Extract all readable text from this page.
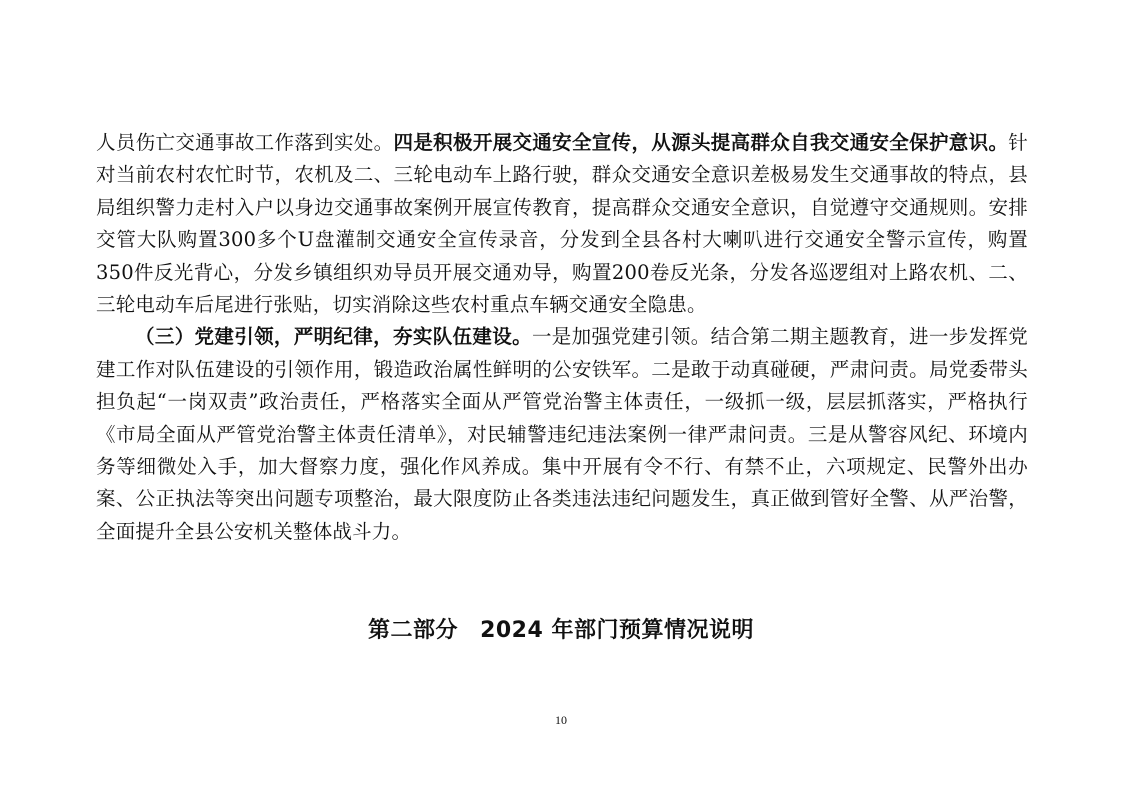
人员伤亡交通事故工作落到实处。四是积极开展交通安全宣传，从源头提高群众自我交通安全保护意识。针对当前农村农忙时节，农机及二、三轮电动车上路行驶，群众交通安全意识差极易发生交通事故的特点，县局组织警力走村入户以身边交通事故案例开展宣传教育，提高群众交通安全意识，自觉遵守交通规则。安排交管大队购置300多个U盘灌制交通安全宣传录音，分发到全县各村大喇叭进行交通安全警示宣传，购置350件反光背心，分发乡镇组织劝导员开展交通劝导，购置200卷反光条，分发各巡逻组对上路农机、二、三轮电动车后尾进行张贴，切实消除这些农村重点车辆交通安全隐患。

（三）党建引领，严明纪律，夯实队伍建设。一是加强党建引领。结合第二期主题教育，进一步发挥党建工作对队伍建设的引领作用，锻造政治属性鲜明的公安铁军。二是敢于动真碰硬，严肃问责。局党委带头担负起“一岗双责”政治责任，严格落实全面从严管党治警主体责任，一级抓一级，层层抓落实，严格执行《市局全面从严管党治警主体责任清单》，对民辅警违纪违法案例一律严肃问责。三是从警容风纪、环境内务等细微处入手，加大督察力度，强化作风养成。集中开展有令不行、有禁不止，六项规定、民警外出办案、公正执法等突出问题专项整治，最大限度防止各类违法违纪问题发生，真正做到管好全警、从严治警，全面提升全县公安机关整体战斗力。

第二部分 2024 年部门预算情况说明
10
